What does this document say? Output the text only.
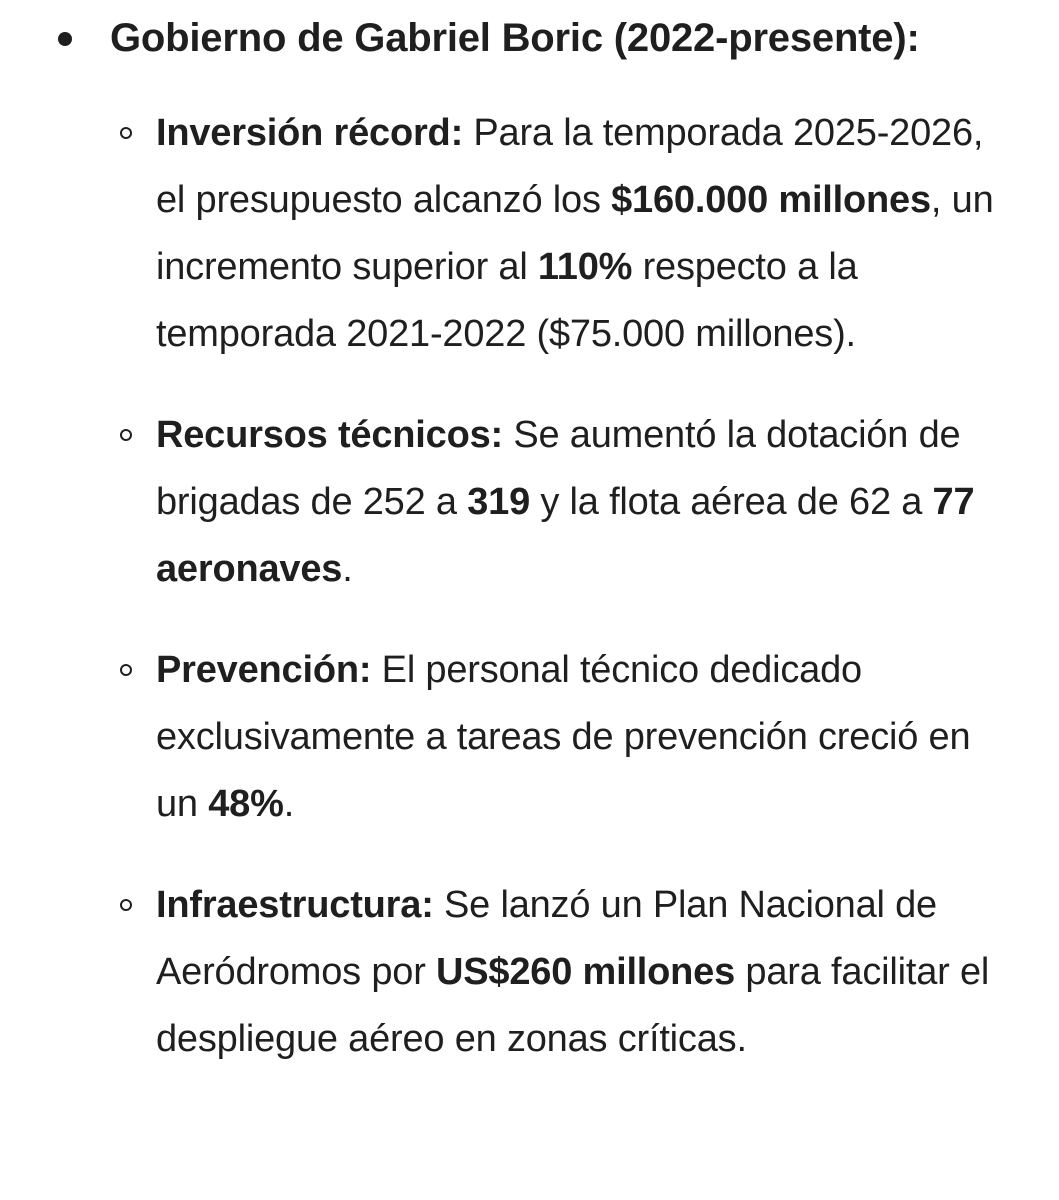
Gobierno de Gabriel Boric (2022-presente):
Inversión récord: Para la temporada 2025-2026, el presupuesto alcanzó los $160.000 millones, un incremento superior al 110% respecto a la temporada 2021-2022 ($75.000 millones).
Recursos técnicos: Se aumentó la dotación de brigadas de 252 a 319 y la flota aérea de 62 a 77 aeronaves.
Prevención: El personal técnico dedicado exclusivamente a tareas de prevención creció en un 48%.
Infraestructura: Se lanzó un Plan Nacional de Aeródromos por US$260 millones para facilitar el despliegue aéreo en zonas críticas.
